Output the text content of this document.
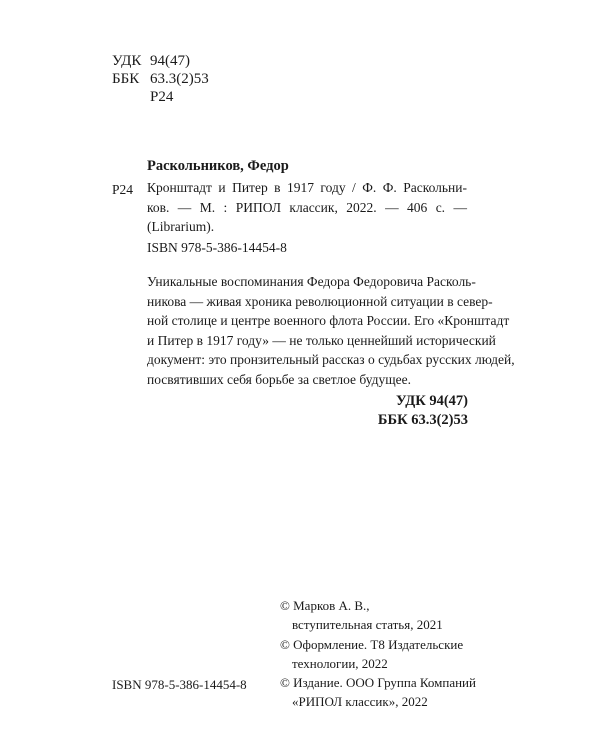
УДК 94(47)
ББК 63.3(2)53
Р24
Раскольников, Федор
Р24 Кронштадт и Питер в 1917 году / Ф. Ф. Раскольни-
ков. — М. : РИПОЛ классик, 2022. — 406 с. —
(Librarium).
ISBN 978-5-386-14454-8
Уникальные воспоминания Федора Федоровича Расколь-
никова — живая хроника революционной ситуации в север-
ной столице и центре военного флота России. Его «Кронштадт
и Питер в 1917 году» — не только ценнейший исторический
документ: это пронзительный рассказ о судьбах русских людей,
посвятивших себя борьбе за светлое будущее.
УДК 94(47)
ББК 63.3(2)53
© Марков А. В.,
вступительная статья, 2021
© Оформление. Т8 Издательские
технологии, 2022
© Издание. ООО Группа Компаний
«РИПОЛ классик», 2022
ISBN 978-5-386-14454-8
